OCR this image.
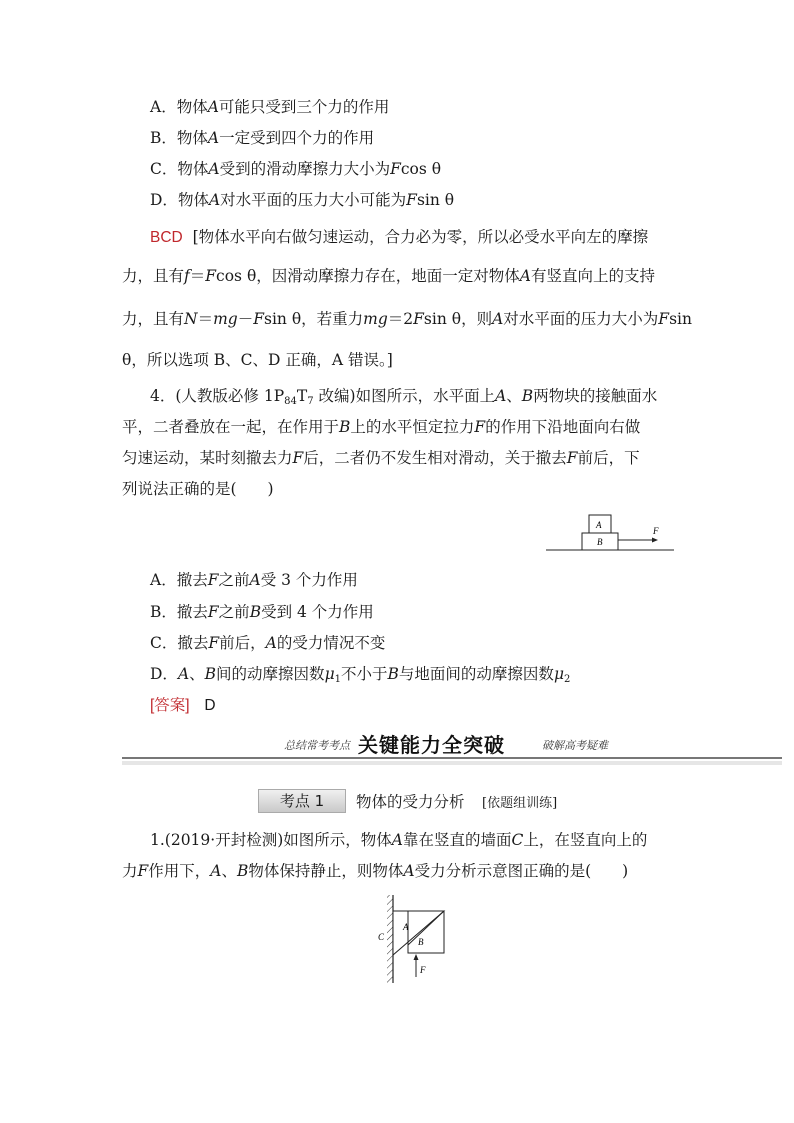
A．物体A可能只受到三个力的作用
B．物体A一定受到四个力的作用
C．物体A受到的滑动摩擦力大小为Fcos θ
D．物体A对水平面的压力大小可能为Fsin θ
BCD [物体水平向右做匀速运动，合力必为零，所以必受水平向左的摩擦
力，且有f＝Fcos θ，因滑动摩擦力存在，地面一定对物体A有竖直向上的支持
力，且有N＝mg－Fsin θ，若重力mg＝2Fsin θ，则A对水平面的压力大小为Fsin
θ，所以选项 B、C、D 正确，A 错误。]
4．(人教版必修 $1P_{84}T_7$ 改编)如图所示，水平面上A、B两物块的接触面水
平，二者叠放在一起，在作用于B上的水平恒定拉力F的作用下沿地面向右做
匀速运动，某时刻撤去力F后，二者仍不发生相对滑动，关于撤去F前后，下
列说法正确的是(　　)
A
B
F
A．撤去F之前A受 3 个力作用
B．撤去F之前B受到 4 个力作用
C．撤去F前后，A的受力情况不变
D．A、B间的动摩擦因数$\mu_1$不小于B与地面间的动摩擦因数$\mu_2$
[答案] D
总结常考考点 关键能力全突破	破解高考疑难
考点 1	物体的受力分析 [依题组训练]
1.(2019·开封检测)如图所示，物体A靠在竖直的墙面C上，在竖直向上的
力F作用下，A、B物体保持静止，则物体A受力分析示意图正确的是(　　)
C
A
B
F
